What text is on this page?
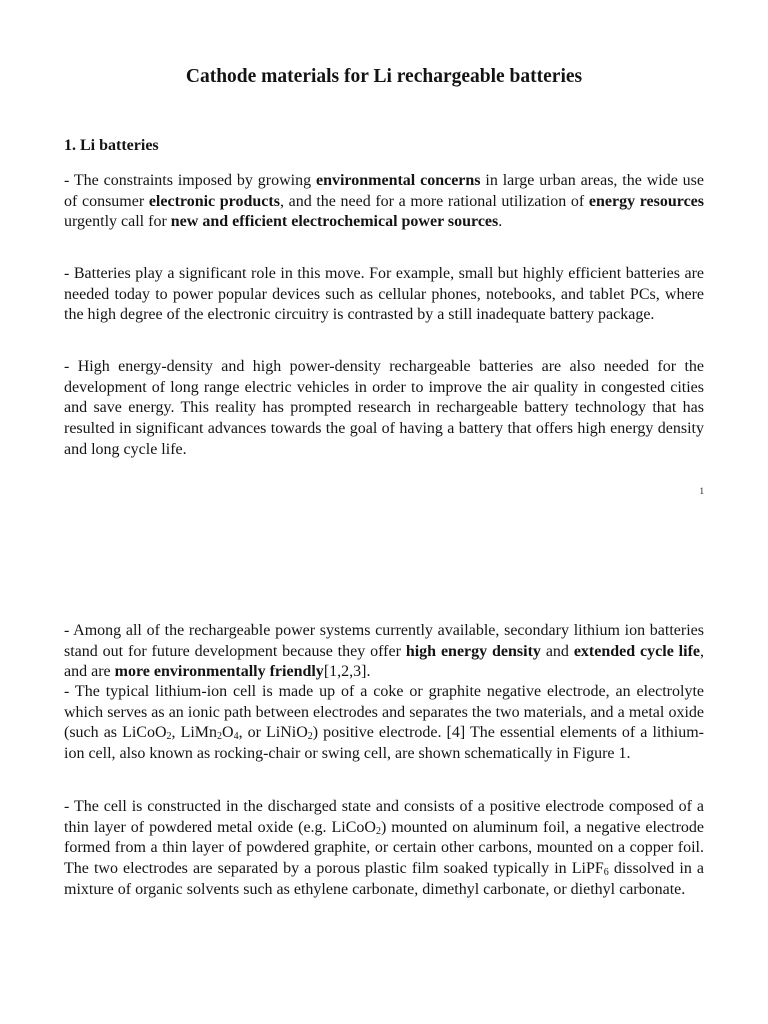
Cathode materials for Li rechargeable batteries
1. Li batteries

- The constraints imposed by growing environmental concerns in large urban areas, the wide use of consumer electronic products, and the need for a more rational utilization of energy resources urgently call for new and efficient electrochemical power sources.

- Batteries play a significant role in this move. For example, small but highly efficient batteries are needed today to power popular devices such as cellular phones, notebooks, and tablet PCs, where the high degree of the electronic circuitry is contrasted by a still inadequate battery package.

- High energy-density and high power-density rechargeable batteries are also needed for the development of long range electric vehicles in order to improve the air quality in congested cities and save energy. This reality has prompted research in rechargeable battery technology that has resulted in significant advances towards the goal of having a battery that offers high energy density and long cycle life.

1

- Among all of the rechargeable power systems currently available, secondary lithium ion batteries stand out for future development because they offer high energy density and extended cycle life, and are more environmentally friendly[1,2,3].

- The typical lithium-ion cell is made up of a coke or graphite negative electrode, an electrolyte which serves as an ionic path between electrodes and separates the two materials, and a metal oxide (such as LiCoO$_2$, $LiMn_2O_4$, or LiNiO$_2$) positive electrode. [4] The essential elements of a lithium-ion cell, also known as rocking-chair or swing cell, are shown schematically in Figure 1.

- The cell is constructed in the discharged state and consists of a positive electrode composed of a thin layer of powdered metal oxide (e.g. LiCoO$_2$) mounted on aluminum foil, a negative electrode formed from a thin layer of powdered graphite, or certain other carbons, mounted on a copper foil. The two electrodes are separated by a porous plastic film soaked typically in LiPF$_6$ dissolved in a mixture of organic solvents such as ethylene carbonate, dimethyl carbonate, or diethyl carbonate.
